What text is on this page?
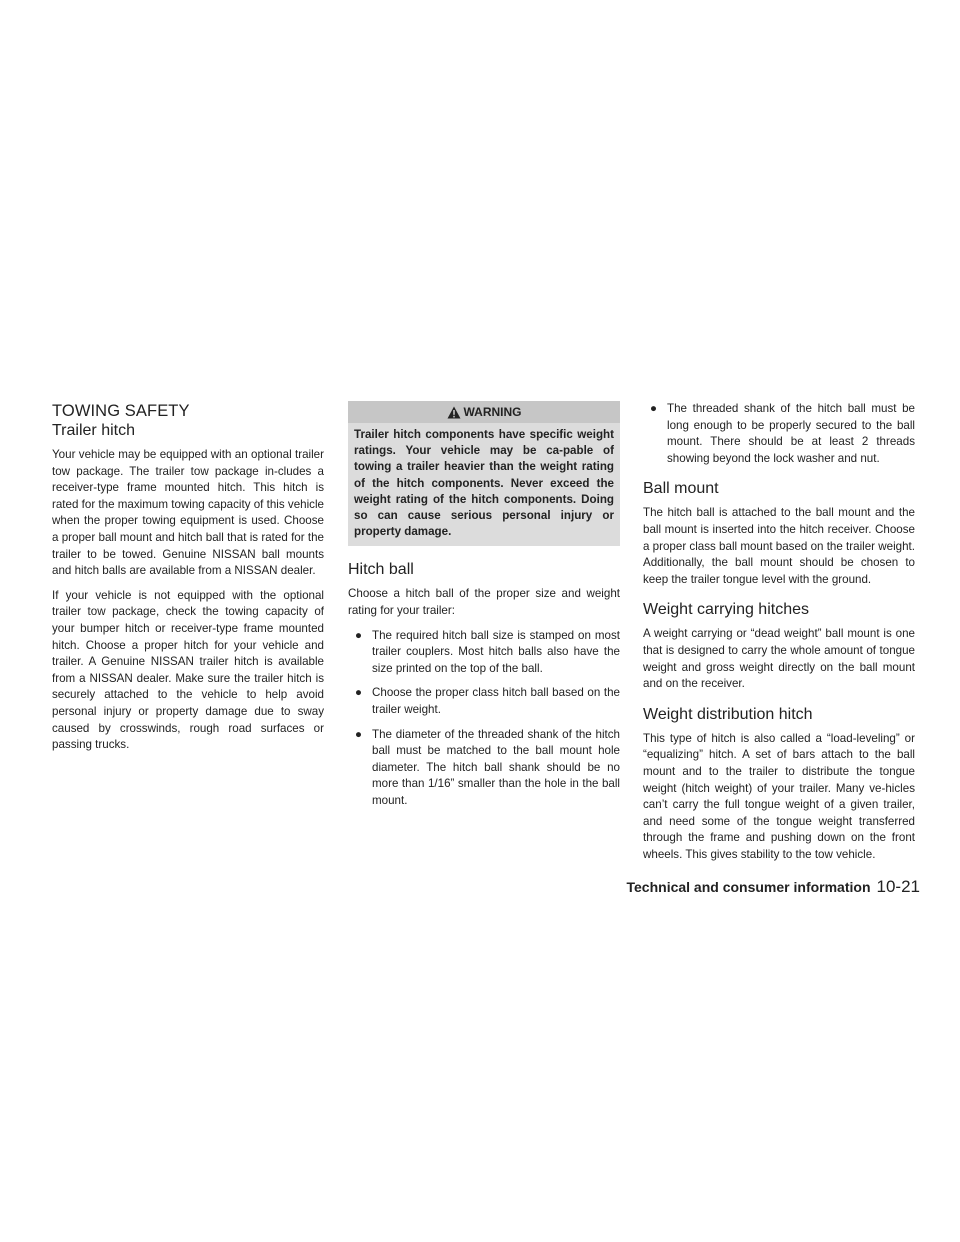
TOWING SAFETY
Trailer hitch

Your vehicle may be equipped with an optional trailer tow package. The trailer tow package in-cludes a receiver-type frame mounted hitch. This hitch is rated for the maximum towing capacity of this vehicle when the proper towing equipment is used. Choose a proper ball mount and hitch ball that is rated for the trailer to be towed. Genuine NISSAN ball mounts and hitch balls are available from a NISSAN dealer.

If your vehicle is not equipped with the optional trailer tow package, check the towing capacity of your bumper hitch or receiver-type frame mounted hitch. Choose a proper hitch for your vehicle and trailer. A Genuine NISSAN trailer hitch is available from a NISSAN dealer. Make sure the trailer hitch is securely attached to the vehicle to help avoid personal injury or property damage due to sway caused by crosswinds, rough road surfaces or passing trucks.

WARNING
Trailer hitch components have specific weight ratings. Your vehicle may be ca-pable of towing a trailer heavier than the weight rating of the hitch components. Never exceed the weight rating of the hitch components. Doing so can cause serious personal injury or property damage.
Hitch ball

Choose a hitch ball of the proper size and weight rating for your trailer:

● The required hitch ball size is stamped on most trailer couplers. Most hitch balls also have the size printed on the top of the ball.
● Choose the proper class hitch ball based on the trailer weight.
● The diameter of the threaded shank of the hitch ball must be matched to the ball mount hole diameter. The hitch ball shank should be no more than 1/16” smaller than the hole in the ball mount.
● The threaded shank of the hitch ball must be long enough to be properly secured to the ball mount. There should be at least 2 threads showing beyond the lock washer and nut.
Ball mount

The hitch ball is attached to the ball mount and the ball mount is inserted into the hitch receiver. Choose a proper class ball mount based on the trailer weight. Additionally, the ball mount should be chosen to keep the trailer tongue level with the ground.

Weight carrying hitches

A weight carrying or “dead weight” ball mount is one that is designed to carry the whole amount of tongue weight and gross weight directly on the ball mount and on the receiver.

Weight distribution hitch

This type of hitch is also called a “load-leveling” or “equalizing” hitch. A set of bars attach to the ball mount and to the trailer to distribute the tongue weight (hitch weight) of your trailer. Many ve-hicles can’t carry the full tongue weight of a given trailer, and need some of the tongue weight transferred through the frame and pushing down on the front wheels. This gives stability to the tow vehicle.

Technical and consumer information 10-21
